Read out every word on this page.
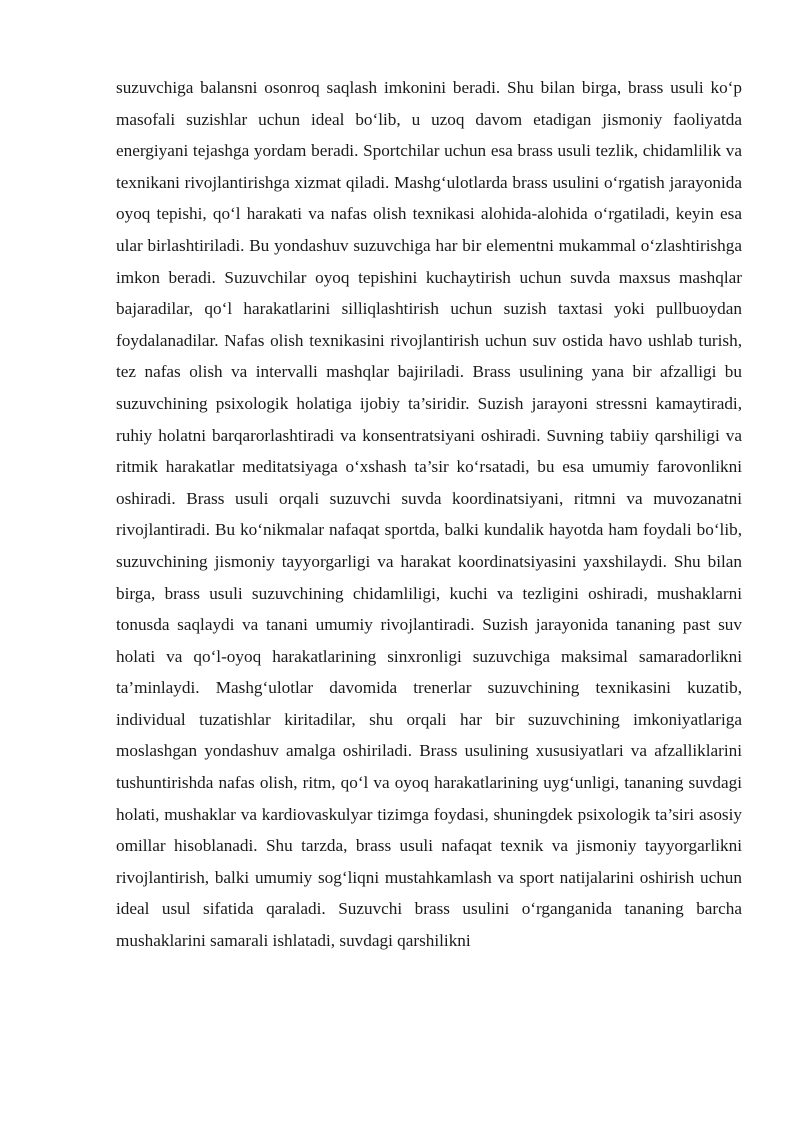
suzuvchiga balansni osonroq saqlash imkonini beradi. Shu bilan birga, brass usuli ko‘p masofali suzishlar uchun ideal bo‘lib, u uzoq davom etadigan jismoniy faoliyatda energiyani tejashga yordam beradi. Sportchilar uchun esa brass usuli tezlik, chidamlilik va texnikani rivojlantirishga xizmat qiladi. Mashg‘ulotlarda brass usulini o‘rgatish jarayonida oyoq tepishi, qo‘l harakati va nafas olish texnikasi alohida-alohida o‘rgatiladi, keyin esa ular birlashtiriladi. Bu yondashuv suzuvchiga har bir elementni mukammal o‘zlashtirishga imkon beradi. Suzuvchilar oyoq tepishini kuchaytirish uchun suvda maxsus mashqlar bajaradilar, qo‘l harakatlarini silliqlashtirish uchun suzish taxtasi yoki pullbuoydan foydalanadilar. Nafas olish texnikasini rivojlantirish uchun suv ostida havo ushlab turish, tez nafas olish va intervalli mashqlar bajiriladi. Brass usulining yana bir afzalligi bu suzuvchining psixologik holatiga ijobiy ta’siridir. Suzish jarayoni stressni kamaytiradi, ruhiy holatni barqarorlashtiradi va konsentratsiyani oshiradi. Suvning tabiiy qarshiligi va ritmik harakatlar meditatsiyaga o‘xshash ta’sir ko‘rsatadi, bu esa umumiy farovonlikni oshiradi. Brass usuli orqali suzuvchi suvda koordinatsiyani, ritmni va muvozanatni rivojlantiradi. Bu ko‘nikmalar nafaqat sportda, balki kundalik hayotda ham foydali bo‘lib, suzuvchining jismoniy tayyorgarligi va harakat koordinatsiyasini yaxshilaydi. Shu bilan birga, brass usuli suzuvchining chidamliligi, kuchi va tezligini oshiradi, mushaklarni tonusda saqlaydi va tanani umumiy rivojlantiradi. Suzish jarayonida tananing past suv holati va qo‘l-oyoq harakatlarining sinxronligi suzuvchiga maksimal samaradorlikni ta’minlaydi. Mashg‘ulotlar davomida trenerlar suzuvchining texnikasini kuzatib, individual tuzatishlar kiritadilar, shu orqali har bir suzuvchining imkoniyatlariga moslashgan yondashuv amalga oshiriladi. Brass usulining xususiyatlari va afzalliklarini tushuntirishda nafas olish, ritm, qo‘l va oyoq harakatlarining uyg‘unligi, tananing suvdagi holati, mushaklar va kardiovaskulyar tizimga foydasi, shuningdek psixologik ta’siri asosiy omillar hisoblanadi. Shu tarzda, brass usuli nafaqat texnik va jismoniy tayyorgarlikni rivojlantirish, balki umumiy sog‘liqni mustahkamlash va sport natijalarini oshirish uchun ideal usul sifatida qaraladi. Suzuvchi brass usulini o‘rganganida tananing barcha mushaklarini samarali ishlatadi, suvdagi qarshilikni
